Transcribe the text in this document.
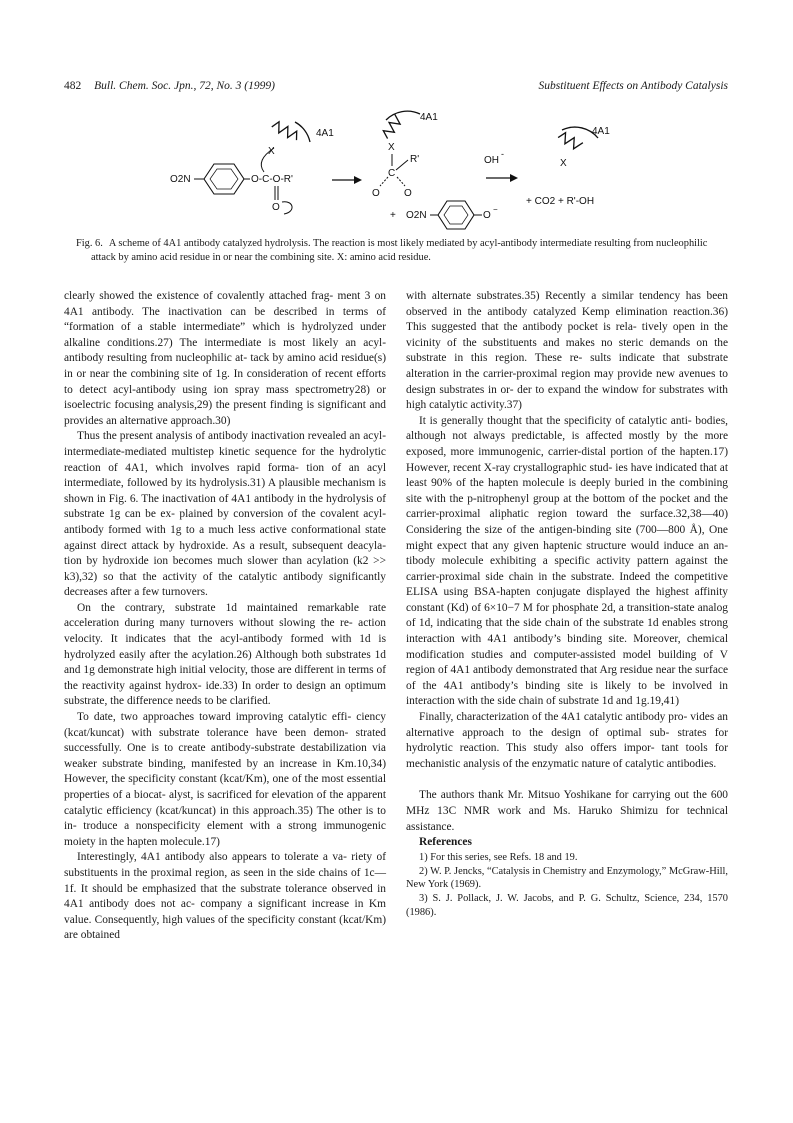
482 Bull. Chem. Soc. Jpn., 72, No. 3 (1999)	Substituent Effects on Antibody Catalysis
4A1
X
O2N	O-C-O-R'
O
4A1
X
C
R'
O O
+ O2N	O
−
OH
-
4A1
X
+ CO2 + R'-OH
Fig. 6. A scheme of 4A1 antibody catalyzed hydrolysis. The reaction is most likely mediated by acyl-antibody intermediate resulting from nucleophilic attack by amino acid residue in or near the combining site. X: amino acid residue.

clearly showed the existence of covalently attached frag- ment 3 on 4A1 antibody. The inactivation can be described in terms of “formation of a stable intermediate” which is hydrolyzed under alkaline conditions.27) The intermediate is most likely an acyl-antibody resulting from nucleophilic at- tack by amino acid residue(s) in or near the combining site of 1g. In consideration of recent efforts to detect acyl-antibody using ion spray mass spectrometry28) or isoelectric focusing analysis,29) the present finding is significant and provides an alternative approach.30)

Thus the present analysis of antibody inactivation revealed an acyl-intermediate-mediated multistep kinetic sequence for the hydrolytic reaction of 4A1, which involves rapid forma- tion of an acyl intermediate, followed by its hydrolysis.31) A plausible mechanism is shown in Fig. 6. The inactivation of 4A1 antibody in the hydrolysis of substrate 1g can be ex- plained by conversion of the covalent acyl-antibody formed with 1g to a much less active conformational state against direct attack by hydroxide. As a result, subsequent deacyla- tion by hydroxide ion becomes much slower than acylation (k2 >> k3),32) so that the activity of the catalytic antibody significantly decreases after a few turnovers.

On the contrary, substrate 1d maintained remarkable rate acceleration during many turnovers without slowing the re- action velocity. It indicates that the acyl-antibody formed with 1d is hydrolyzed easily after the acylation.26) Although both substrates 1d and 1g demonstrate high initial velocity, those are different in terms of the reactivity against hydrox- ide.33) In order to design an optimum substrate, the difference needs to be clarified.

To date, two approaches toward improving catalytic effi- ciency (kcat/kuncat) with substrate tolerance have been demon- strated successfully. One is to create antibody-substrate destabilization via weaker substrate binding, manifested by an increase in Km.10,34) However, the specificity constant (kcat/Km), one of the most essential properties of a biocat- alyst, is sacrificed for elevation of the apparent catalytic efficiency (kcat/kuncat) in this approach.35) The other is to in- troduce a nonspecificity element with a strong immunogenic moiety in the hapten molecule.17)

Interestingly, 4A1 antibody also appears to tolerate a va- riety of substituents in the proximal region, as seen in the side chains of 1c—1f. It should be emphasized that the substrate tolerance observed in 4A1 antibody does not ac- company a significant increase in Km value. Consequently, high values of the specificity constant (kcat/Km) are obtained

with alternate substrates.35) Recently a similar tendency has been observed in the antibody catalyzed Kemp elimination reaction.36) This suggested that the antibody pocket is rela- tively open in the vicinity of the substituents and makes no steric demands on the substrate in this region. These re- sults indicate that substrate alteration in the carrier-proximal region may provide new avenues to design substrates in or- der to expand the window for substrates with high catalytic activity.37)

It is generally thought that the specificity of catalytic anti- bodies, although not always predictable, is affected mostly by the more exposed, more immunogenic, carrier-distal portion of the hapten.17) However, recent X-ray crystallographic stud- ies have indicated that at least 90% of the hapten molecule is deeply buried in the combining site with the p-nitrophenyl group at the bottom of the pocket and the carrier-proximal aliphatic region toward the surface.32,38—40) Considering the size of the antigen-binding site (700—800 Å), One might expect that any given haptenic structure would induce an an- tibody molecule exhibiting a specific activity pattern against the carrier-proximal side chain in the substrate. Indeed the competitive ELISA using BSA-hapten conjugate displayed the highest affinity constant (Kd) of 6×10−7 M for phosphate 2d, a transition-state analog of 1d, indicating that the side chain of the substrate 1d enables strong interaction with 4A1 antibody’s binding site. Moreover, chemical modification studies and computer-assisted model building of V region of 4A1 antibody demonstrated that Arg residue near the surface of the 4A1 antibody’s binding site is likely to be involved in interaction with the side chain of substrate 1d and 1g.19,41)

Finally, characterization of the 4A1 catalytic antibody pro- vides an alternative approach to the design of optimal sub- strates for hydrolytic reaction. This study also offers impor- tant tools for mechanistic analysis of the enzymatic nature of catalytic antibodies.

The authors thank Mr. Mitsuo Yoshikane for carrying out the 600 MHz 13C NMR work and Ms. Haruko Shimizu for technical assistance.

References

1) For this series, see Refs. 18 and 19.

2) W. P. Jencks, “Catalysis in Chemistry and Enzymology,” McGraw-Hill, New York (1969).

3) S. J. Pollack, J. W. Jacobs, and P. G. Schultz, Science, 234, 1570 (1986).
